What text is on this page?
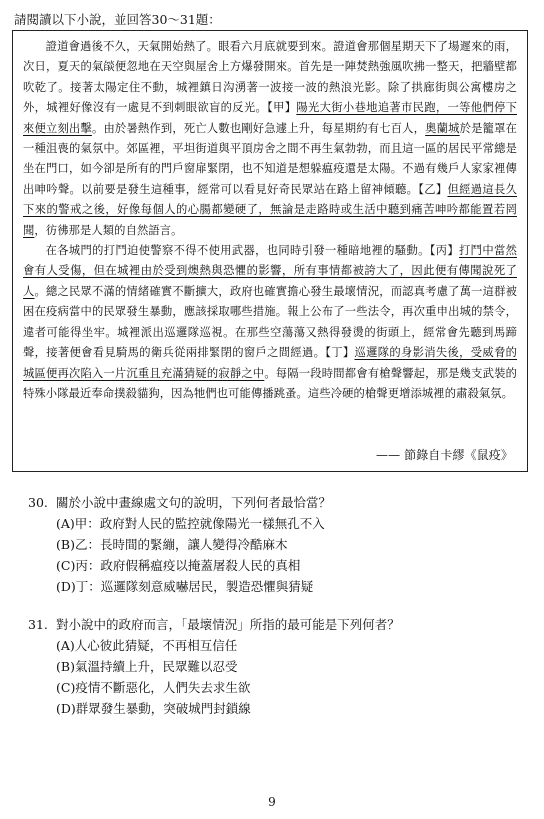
請閱讀以下小說，並回答30～31題：

證道會過後不久，天氣開始熱了。眼看六月底就要到來。證道會那個星期天下了場遲來的雨，次日，夏天的氣燄便忽地在天空與屋舍上方爆發開來。首先是一陣焚熱強風吹拂一整天，把牆壁都吹乾了。接著太陽定住不動，城裡鎮日沟湧著一波接一波的熱浪光影。除了拱廊街與公寓樓房之外，城裡好像沒有一處見不到刺眼欲盲的反光。【甲】陽光大街小巷地追著市民跑，一等他們停下來便立刻出擊。由於暑熱作到，死亡人數也剛好急遽上升，每星期約有七百人，奧蘭城於是籠罩在一種沮喪的氣氛中。郊區裡，平坦街道與平頂房舍之間不再生氣勃勃，而且這一區的居民平常總是坐在門口，如今卻是所有的門戶窗扉緊閉，也不知道是想躲瘟疫還是太陽。不過有幾戶人家家裡傳出呻吟聲。以前要是發生這種事，經常可以看見好奇民眾站在路上留神傾聽。【乙】但經過這長久下來的警戒之後，好像每個人的心腸都變硬了，無論是走路時或生活中聽到痛苦呻吟都能置若罔聞，彷彿那是人類的自然語言。

在各城門的打鬥迫使警察不得不使用武器，也同時引發一種暗地裡的騷動。【丙】打鬥中當然會有人受傷，但在城裡由於受到燠熱與恐懼的影響，所有事情都被誇大了，因此便有傳聞說死了人。總之民眾不滿的情緒確實不斷擴大，政府也確實擔心發生最壞情況，而認真考慮了萬一這群被困在疫病當中的民眾發生暴動，應該採取哪些措施。報上公布了一些法令，再次重申出城的禁令，違者可能得坐牢。城裡派出巡邏隊巡視。在那些空蕩蕩又熱得發燙的街頭上，經常會先聽到馬蹄聲，接著便會看見騎馬的衛兵從兩排緊閉的窗戶之間經過。【丁】巡邏隊的身影消失後，受威脅的城區便再次陷入一片沉重且充滿猜疑的寂靜之中。每隔一段時間都會有槍聲響起，那是幾支武裝的特殊小隊最近奉命撲殺貓狗，因為牠們也可能傳播跳蚤。這些冷硬的槍聲更增添城裡的肅殺氣氛。

—— 節錄自卡繆《鼠疫》
30. 關於小說中畫線處文句的說明，下列何者最恰當？
(A)甲：政府對人民的監控就像陽光一樣無孔不入
(B)乙：長時間的緊繃，讓人變得冷酷麻木
(C)丙：政府假稱瘟疫以掩蓋屠殺人民的真相
(D)丁：巡邏隊刻意威嚇居民，製造恐懼與猜疑
31. 對小說中的政府而言，「最壞情況」所指的最可能是下列何者？
(A)人心彼此猜疑，不再相互信任
(B)氣溫持續上升，民眾難以忍受
(C)疫情不斷惡化，人們失去求生欲
(D)群眾發生暴動，突破城門封鎖線
9
